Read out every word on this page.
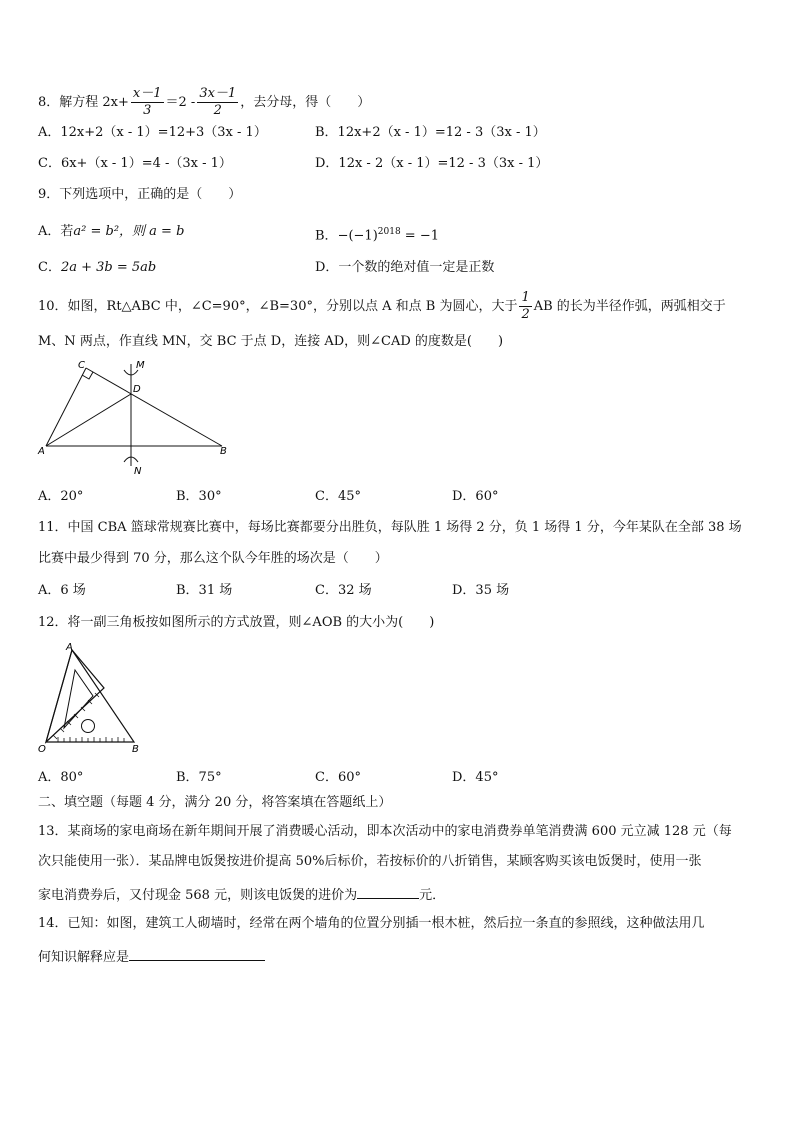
8．解方程 $2x+ \frac{x-1}{3} =2 - \frac{3x-1}{2}$ ，去分母，得（　　）
A．12x+2（x - 1）=12+3（3x - 1）	B．12x+2（x - 1）=12 - 3（3x - 1）
C．6x+（x - 1）=4 -（3x - 1）	D．12x - 2（x - 1）=12 - 3（3x - 1）
9．下列选项中，正确的是（　　）
A．若a² = b²，则 a = b	B．$-(-1)^{2018} = -1$
C．2a + 3b = 5ab	D．一个数的绝对值一定是正数
10．如图，Rt△ABC 中，∠C=90°，∠B=30°，分别以点 A 和点 B 为圆心，大于 $\frac{1}{2}$ AB 的长为半径作弧，两弧相交于
M、N 两点，作直线 MN，交 BC 于点 D，连接 AD，则∠CAD 的度数是(　　)
C	M
D
A	B
N
A．20°	B．30°	C．45°	D．60°
11．中国 CBA 篮球常规赛比赛中，每场比赛都要分出胜负，每队胜 1 场得 2 分，负 1 场得 1 分，今年某队在全部 38 场
比赛中最少得到 70 分，那么这个队今年胜的场次是（　　）
A．6 场	B．31 场	C．32 场	D．35 场
12．将一副三角板按如图所示的方式放置，则∠AOB 的大小为(　　)
A
O	B
A．80°	B．75°	C．60°	D．45°
二、填空题（每题 4 分，满分 20 分，将答案填在答题纸上）
13．某商场的家电商场在新年期间开展了消费暖心活动，即本次活动中的家电消费券单笔消费满 600 元立减 128 元（每
次只能使用一张）．某品牌电饭煲按进价提高 50%后标价，若按标价的八折销售，某顾客购买该电饭煲时，使用一张
家电消费券后，又付现金 568 元，则该电饭煲的进价为	元．
14．已知：如图，建筑工人砌墙时，经常在两个墙角的位置分别插一根木桩，然后拉一条直的参照线，这种做法用几
何知识解释应是
